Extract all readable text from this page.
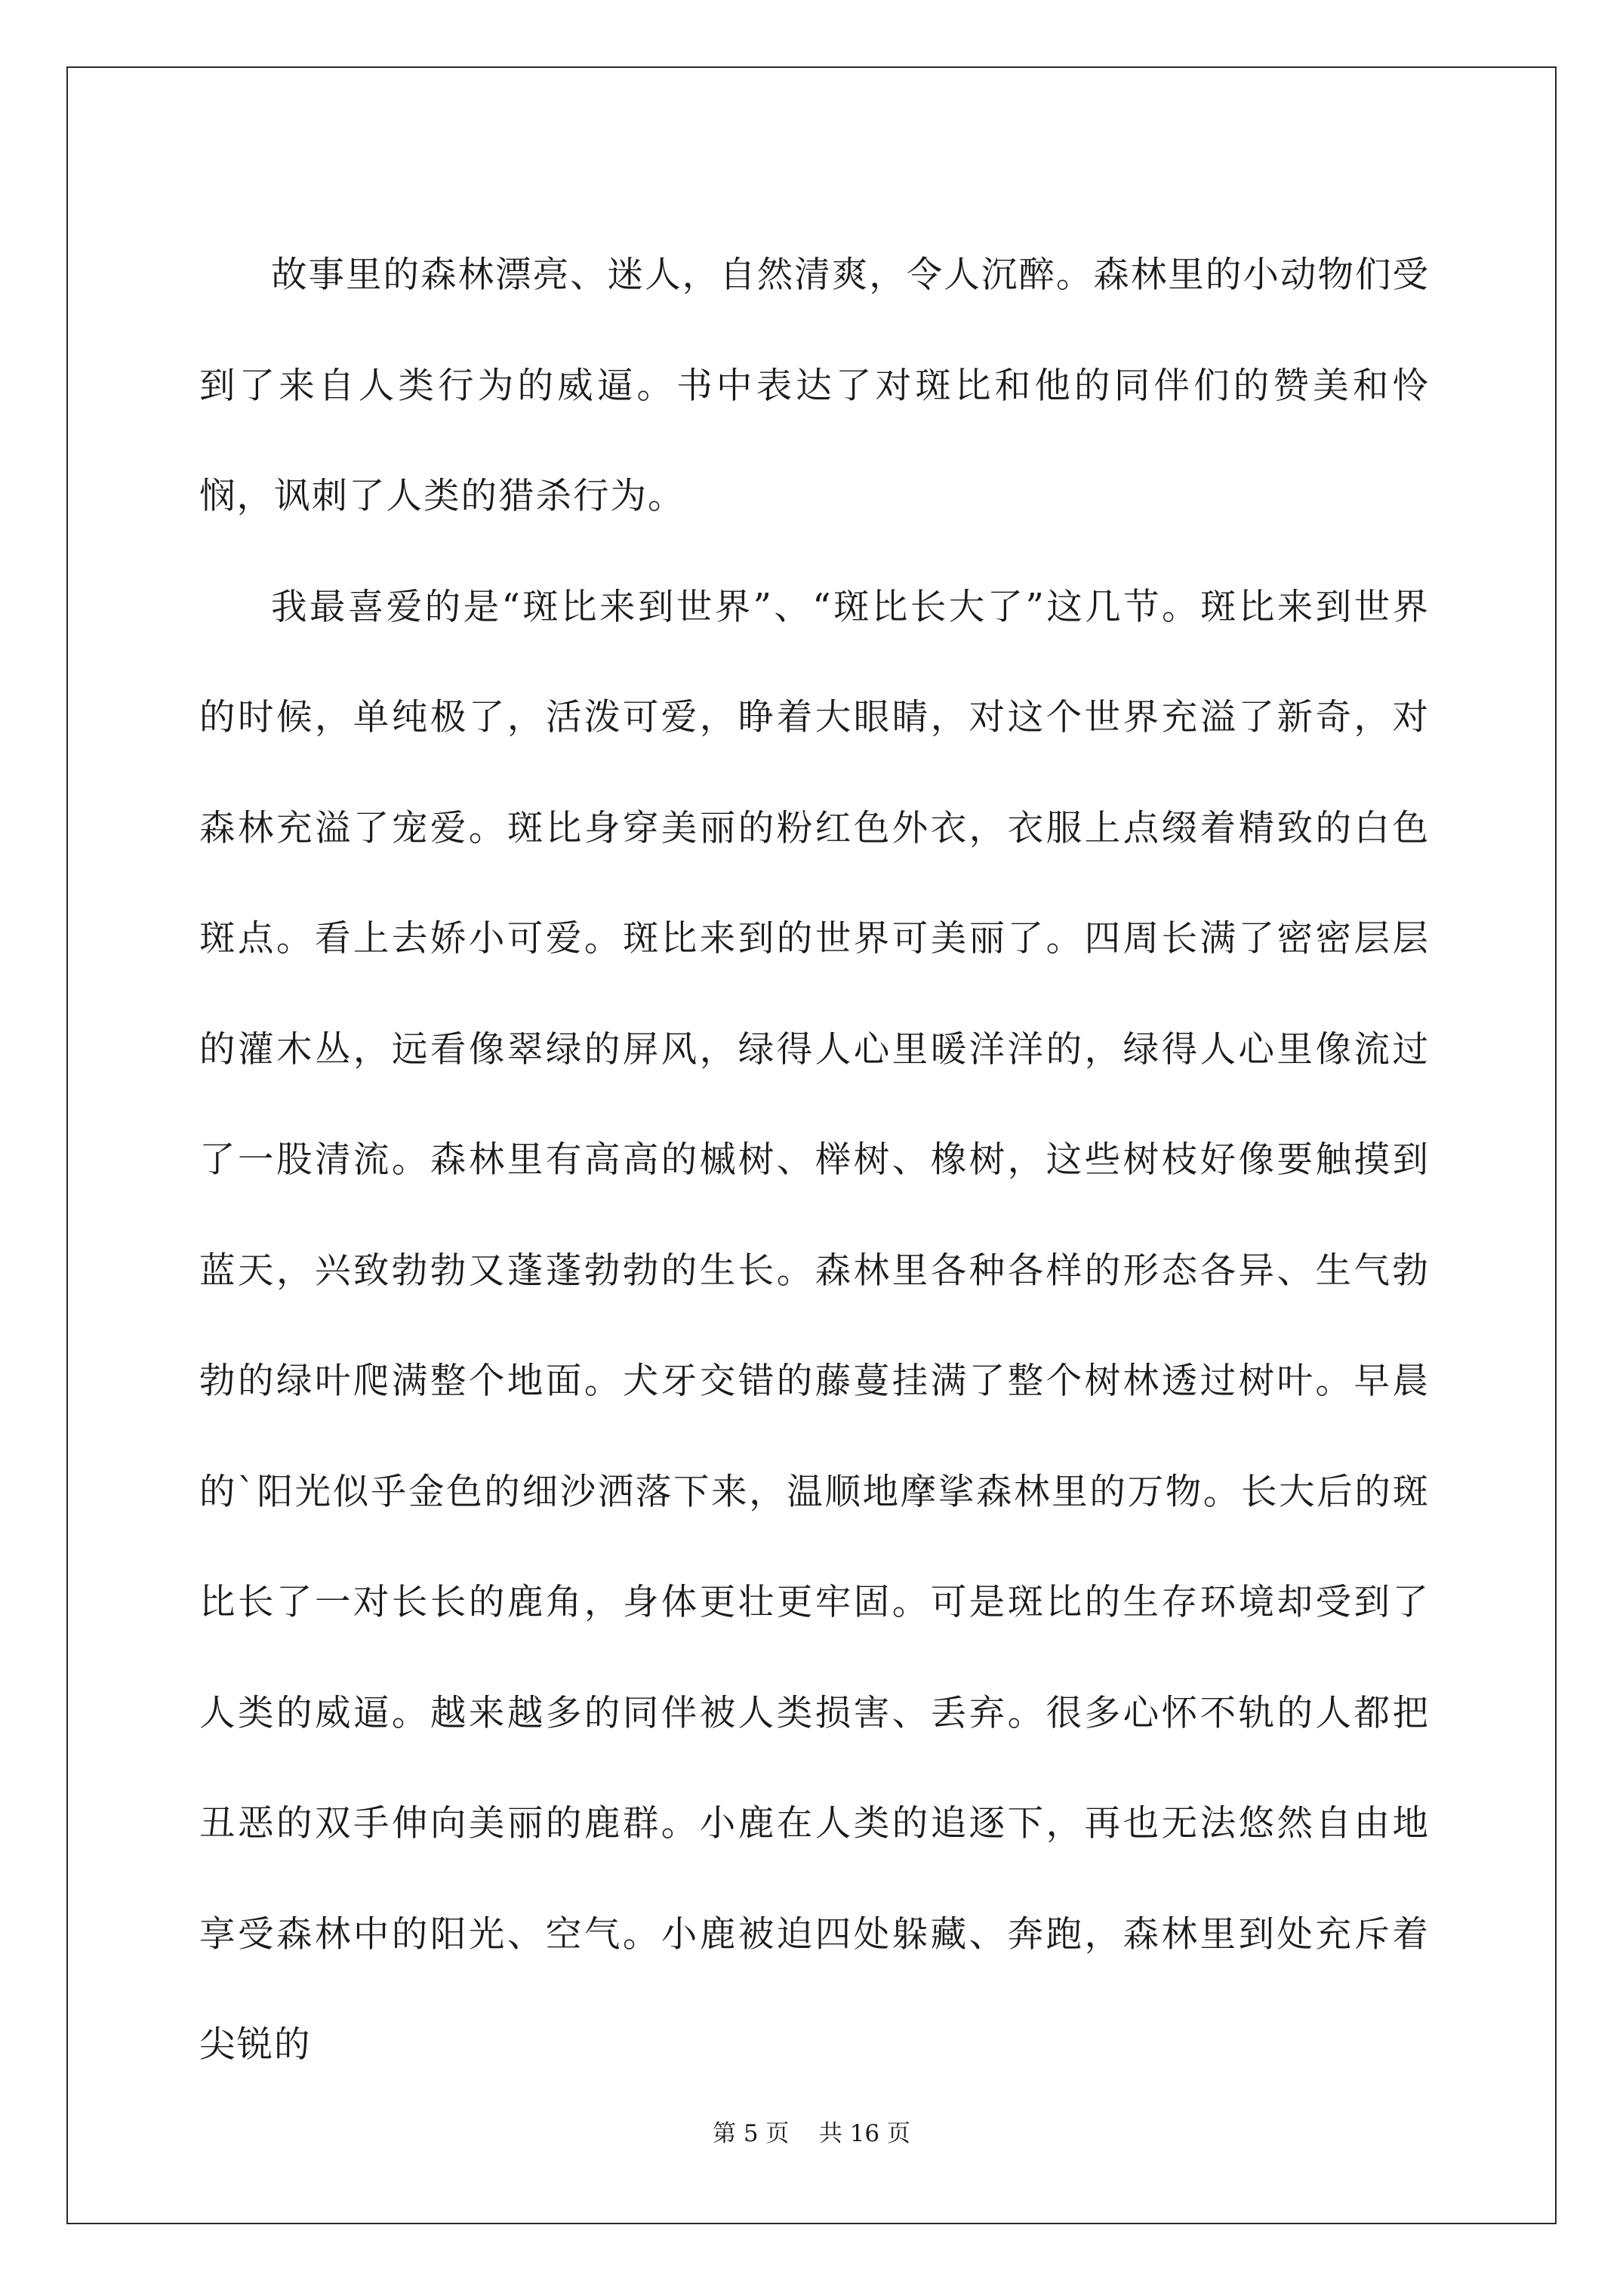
故事里的森林漂亮、迷人，自然清爽，令人沉醉。森林里的小动物们受到了来自人类行为的威逼。书中表达了对斑比和他的同伴们的赞美和怜悯，讽刺了人类的猎杀行为。

我最喜爱的是“斑比来到世界”、“斑比长大了”这几节。斑比来到世界的时候，单纯极了，活泼可爱，睁着大眼睛，对这个世界充溢了新奇，对森林充溢了宠爱。斑比身穿美丽的粉红色外衣，衣服上点缀着精致的白色斑点。看上去娇小可爱。斑比来到的世界可美丽了。四周长满了密密层层的灌木丛，远看像翠绿的屏风，绿得人心里暖洋洋的，绿得人心里像流过了一股清流。森林里有高高的槭树、榉树、橡树，这些树枝好像要触摸到蓝天，兴致勃勃又蓬蓬勃勃的生长。森林里各种各样的形态各异、生气勃勃的绿叶爬满整个地面。犬牙交错的藤蔓挂满了整个树林透过树叶。早晨的`阳光似乎金色的细沙洒落下来，温顺地摩挲森林里的万物。长大后的斑比长了一对长长的鹿角，身体更壮更牢固。可是斑比的生存环境却受到了人类的威逼。越来越多的同伴被人类损害、丢弃。很多心怀不轨的人都把丑恶的双手伸向美丽的鹿群。小鹿在人类的追逐下，再也无法悠然自由地享受森林中的阳光、空气。小鹿被迫四处躲藏、奔跑，森林里到处充斥着尖锐的

第 5 页 共 16 页
